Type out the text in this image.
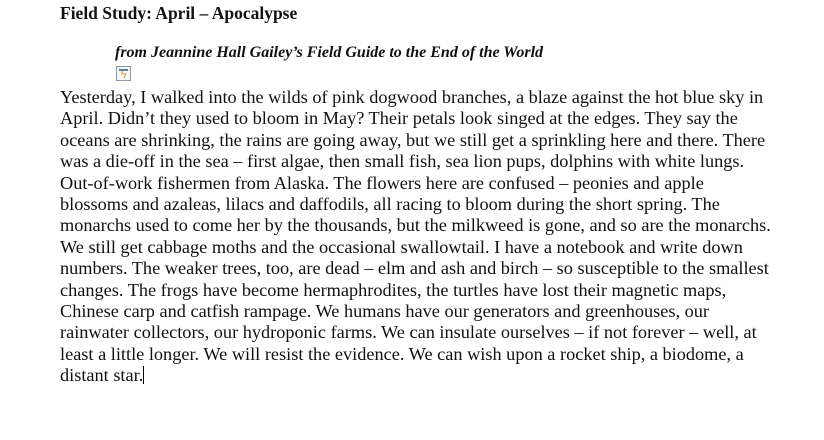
Field Study: April – Apocalypse
from Jeannine Hall Gailey’s Field Guide to the End of the World
ϟ
Yesterday, I walked into the wilds of pink dogwood branches, a blaze against the hot blue sky in
April. Didn’t they used to bloom in May? Their petals look singed at the edges. They say the
oceans are shrinking, the rains are going away, but we still get a sprinkling here and there. There
was a die-off in the sea – first algae, then small fish, sea lion pups, dolphins with white lungs.
Out-of-work fishermen from Alaska. The flowers here are confused – peonies and apple
blossoms and azaleas, lilacs and daffodils, all racing to bloom during the short spring. The
monarchs used to come her by the thousands, but the milkweed is gone, and so are the monarchs.
We still get cabbage moths and the occasional swallowtail. I have a notebook and write down
numbers. The weaker trees, too, are dead – elm and ash and birch – so susceptible to the smallest
changes. The frogs have become hermaphrodites, the turtles have lost their magnetic maps,
Chinese carp and catfish rampage. We humans have our generators and greenhouses, our
rainwater collectors, our hydroponic farms. We can insulate ourselves – if not forever – well, at
least a little longer. We will resist the evidence. We can wish upon a rocket ship, a biodome, a
distant star.
